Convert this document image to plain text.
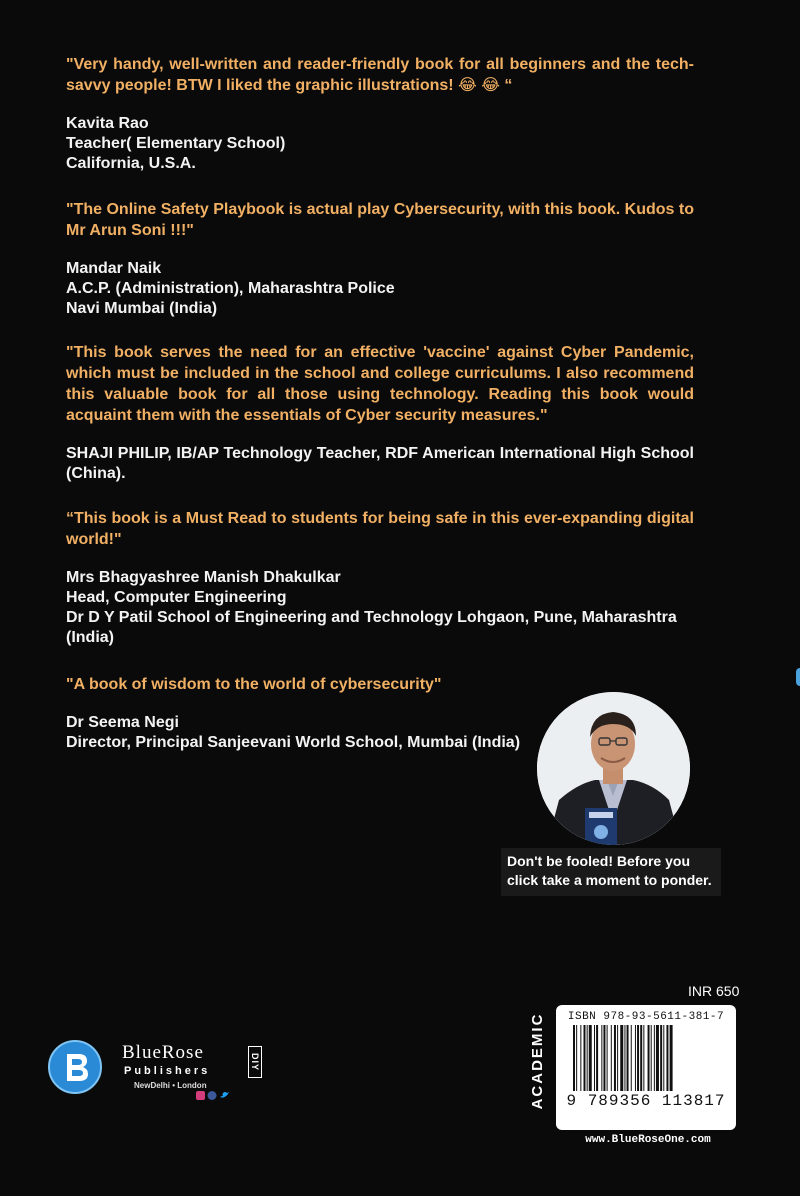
"Very handy, well-written and reader-friendly book for all beginners and the tech-savvy people! BTW I liked the graphic illustrations! 😂 😂 “

Kavita Rao
Teacher( Elementary School)
California, U.S.A.

"The Online Safety Playbook is actual play Cybersecurity, with this book. Kudos to Mr Arun Soni !!!"

Mandar Naik
A.C.P. (Administration), Maharashtra Police
Navi Mumbai (India)

"This book serves the need for an effective 'vaccine' against Cyber Pandemic, which must be included in the school and college curriculums. I also recommend this valuable book for all those using technology. Reading this book would acquaint them with the essentials of Cyber security measures."

SHAJI PHILIP, IB/AP Technology Teacher, RDF American International High School (China).

“This book is a Must Read to students for being safe in this ever-expanding digital world!"

Mrs Bhagyashree Manish Dhakulkar
Head, Computer Engineering
Dr D Y Patil School of Engineering and Technology Lohgaon, Pune, Maharashtra (India)

"A book of wisdom to the world of cybersecurity"

Dr Seema Negi
Director, Principal Sanjeevani World School, Mumbai (India)
Don't be fooled! Before you click take a moment to ponder.
BlueRose
Publishers
NewDelhi • London
DIY	ACADEMIC
INR 650
ISBN 978-93-5611-381-7
9 789356 113817
www.BlueRoseOne.com
